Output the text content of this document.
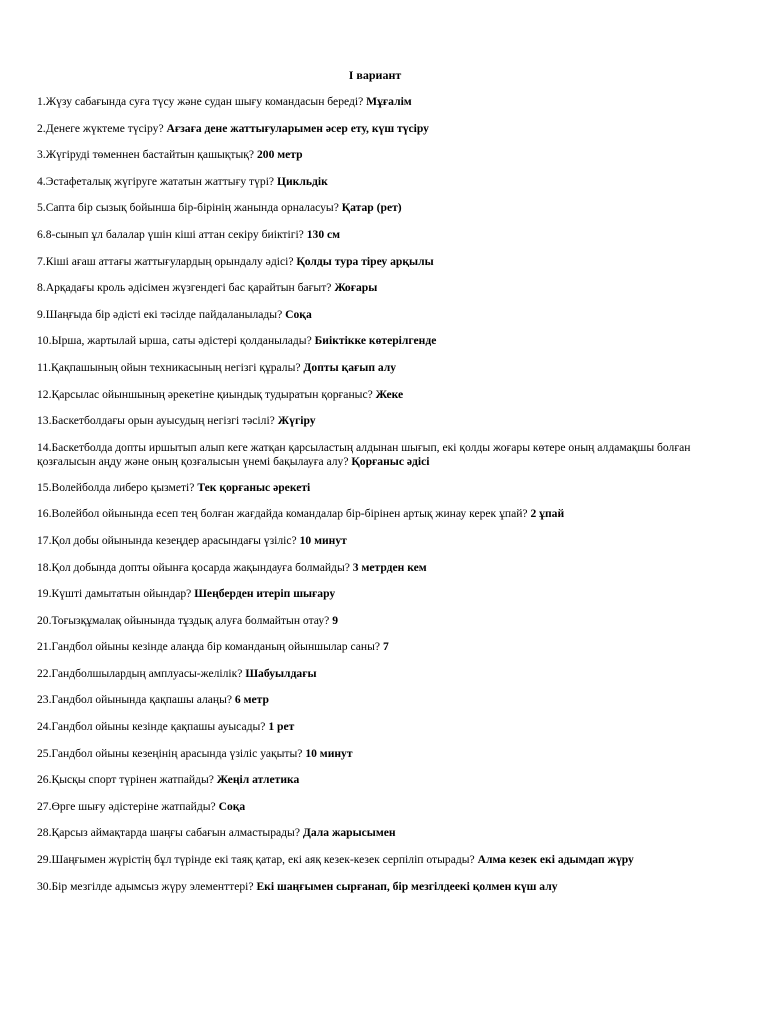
I вариант

1.Жүзу сабағында суға түсу және судан шығу командасын береді? Мұғалім

2.Денеге жүктеме түсіру? Ағзаға дене жаттығуларымен әсер ету, күш түсіру

3.Жүгіруді төменнен бастайтын қашықтық? 200 метр

4.Эстафеталық жүгіруге жататын жаттығу түрі? Цикльдік

5.Сапта бір сызық бойынша бір-бірінің жанында орналасуы? Қатар (рет)

6.8-сынып ұл балалар үшін кіші аттан секіру биіктігі? 130 см

7.Кіші ағаш аттағы жаттығулардың орындалу әдісі? Қолды тура тіреу арқылы

8.Арқадағы кроль әдісімен жүзгендегі бас қарайтын бағыт? Жоғары

9.Шаңғыда бір әдісті екі тәсілде пайдаланылады? Соқа

10.Ырша, жартылай ырша, саты әдістері қолданылады? Биіктікке көтерілгенде

11.Қақпашының ойын техникасының негізгі құралы? Допты қағып алу

12.Қарсылас ойыншының әрекетіне қиындық тудыратын қорғаныс? Жеке

13.Баскетболдағы орын ауысудың негізгі тәсілі? Жүгіру

14.Баскетболда допты иршытып алып кеге жатқан қарсыластың алдынан шығып, екі қолды жоғары көтере оның алдамақшы болған қозғалысын аңду және оның қозғалысын үнемі бақылауға алу? Қорғаныс әдісі

15.Волейболда либеро қызметі? Тек қорғаныс әрекеті

16.Волейбол ойынында есеп тең болған жағдайда командалар бір-бірінен артық жинау керек ұпай? 2 ұпай

17.Қол добы ойынында кезеңдер арасындағы үзіліс? 10 минут

18.Қол добында допты ойынға қосарда жақындауға болмайды? 3 метрден кем

19.Күшті дамытатын ойындар? Шеңберден итеріп шығару

20.Тоғызқұмалақ ойынында тұздық алуға болмайтын отау? 9

21.Гандбол ойыны кезінде алаңда бір команданың ойыншылар саны? 7

22.Гандболшылардың амплуасы-желілік? Шабуылдағы

23.Гандбол ойынында қақпашы алаңы? 6 метр

24.Гандбол ойыны кезінде қақпашы ауысады? 1 рет

25.Гандбол ойыны кезеңінің арасында үзіліс уақыты? 10 минут

26.Қысқы спорт түрінен жатпайды? Жеңіл атлетика

27.Өрге шығу әдістеріне жатпайды? Соқа

28.Қарсыз аймақтарда шаңғы сабағын алмастырады? Дала жарысымен

29.Шаңғымен жүрістің бұл түрінде екі таяқ қатар, екі аяқ кезек-кезек серпіліп отырады? Алма кезек екі адымдап жүру

30.Бір мезгілде адымсыз жүру элементтері? Екі шаңғымен сырғанап, бір мезгілдеекі қолмен күш алу
